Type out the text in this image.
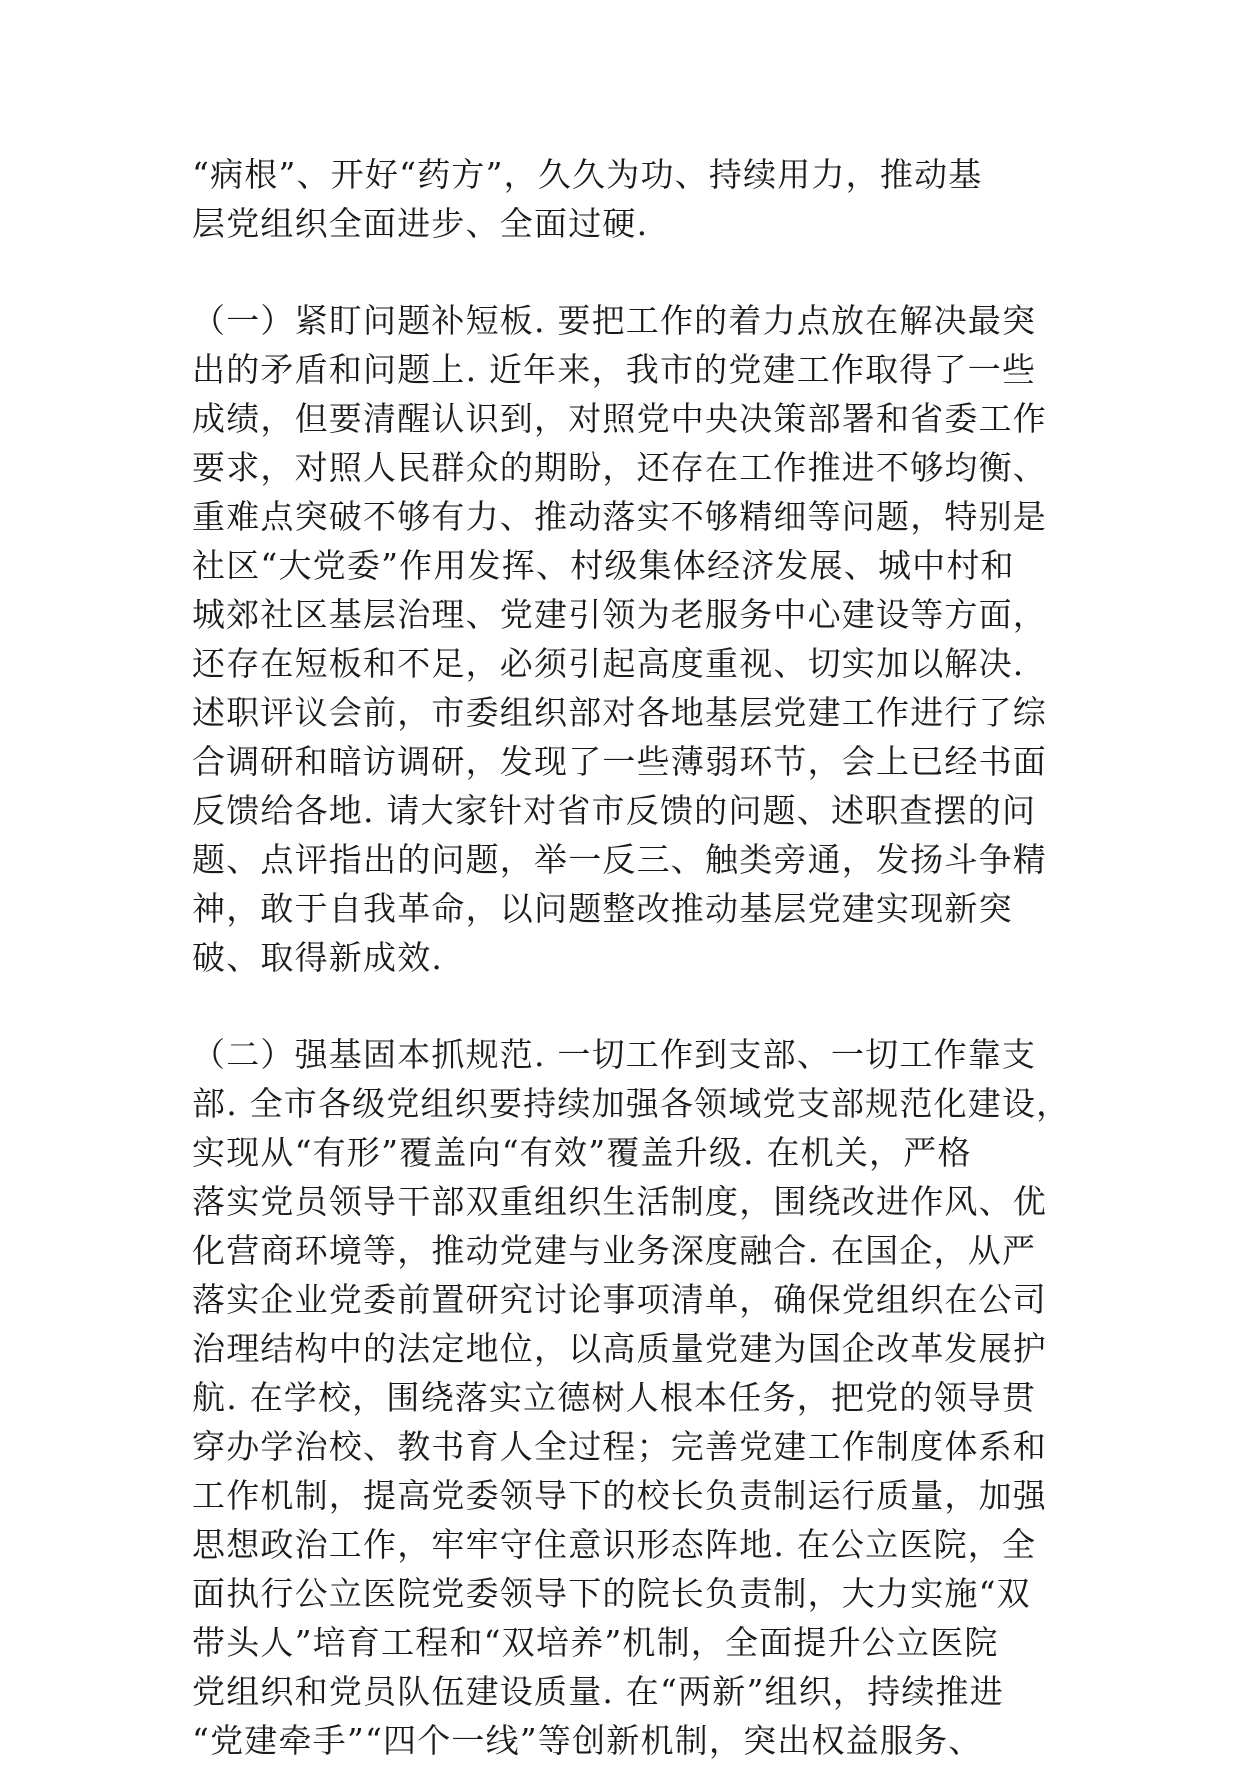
“病根”、开好“药方”，久久为功、持续用力，推动基
层党组织全面进步、全面过硬.
（一）紧盯问题补短板. 要把工作的着力点放在解决最突
出的矛盾和问题上. 近年来，我市的党建工作取得了一些
成绩，但要清醒认识到，对照党中央决策部署和省委工作
要求，对照人民群众的期盼，还存在工作推进不够均衡、
重难点突破不够有力、推动落实不够精细等问题，特别是
社区“大党委”作用发挥、村级集体经济发展、城中村和
城郊社区基层治理、党建引领为老服务中心建设等方面，
还存在短板和不足，必须引起高度重视、切实加以解决.
述职评议会前，市委组织部对各地基层党建工作进行了综
合调研和暗访调研，发现了一些薄弱环节，会上已经书面
反馈给各地. 请大家针对省市反馈的问题、述职查摆的问
题、点评指出的问题，举一反三、触类旁通，发扬斗争精
神，敢于自我革命，以问题整改推动基层党建实现新突
破、取得新成效.
（二）强基固本抓规范. 一切工作到支部、一切工作靠支
部. 全市各级党组织要持续加强各领域党支部规范化建设，
实现从“有形”覆盖向“有效”覆盖升级. 在机关，严格
落实党员领导干部双重组织生活制度，围绕改进作风、优
化营商环境等，推动党建与业务深度融合. 在国企，从严
落实企业党委前置研究讨论事项清单，确保党组织在公司
治理结构中的法定地位，以高质量党建为国企改革发展护
航. 在学校，围绕落实立德树人根本任务，把党的领导贯
穿办学治校、教书育人全过程；完善党建工作制度体系和
工作机制，提高党委领导下的校长负责制运行质量，加强
思想政治工作，牢牢守住意识形态阵地. 在公立医院，全
面执行公立医院党委领导下的院长负责制，大力实施“双
带头人”培育工程和“双培养”机制，全面提升公立医院
党组织和党员队伍建设质量. 在“两新”组织，持续推进
“党建牵手”“四个一线”等创新机制，突出权益服务、
